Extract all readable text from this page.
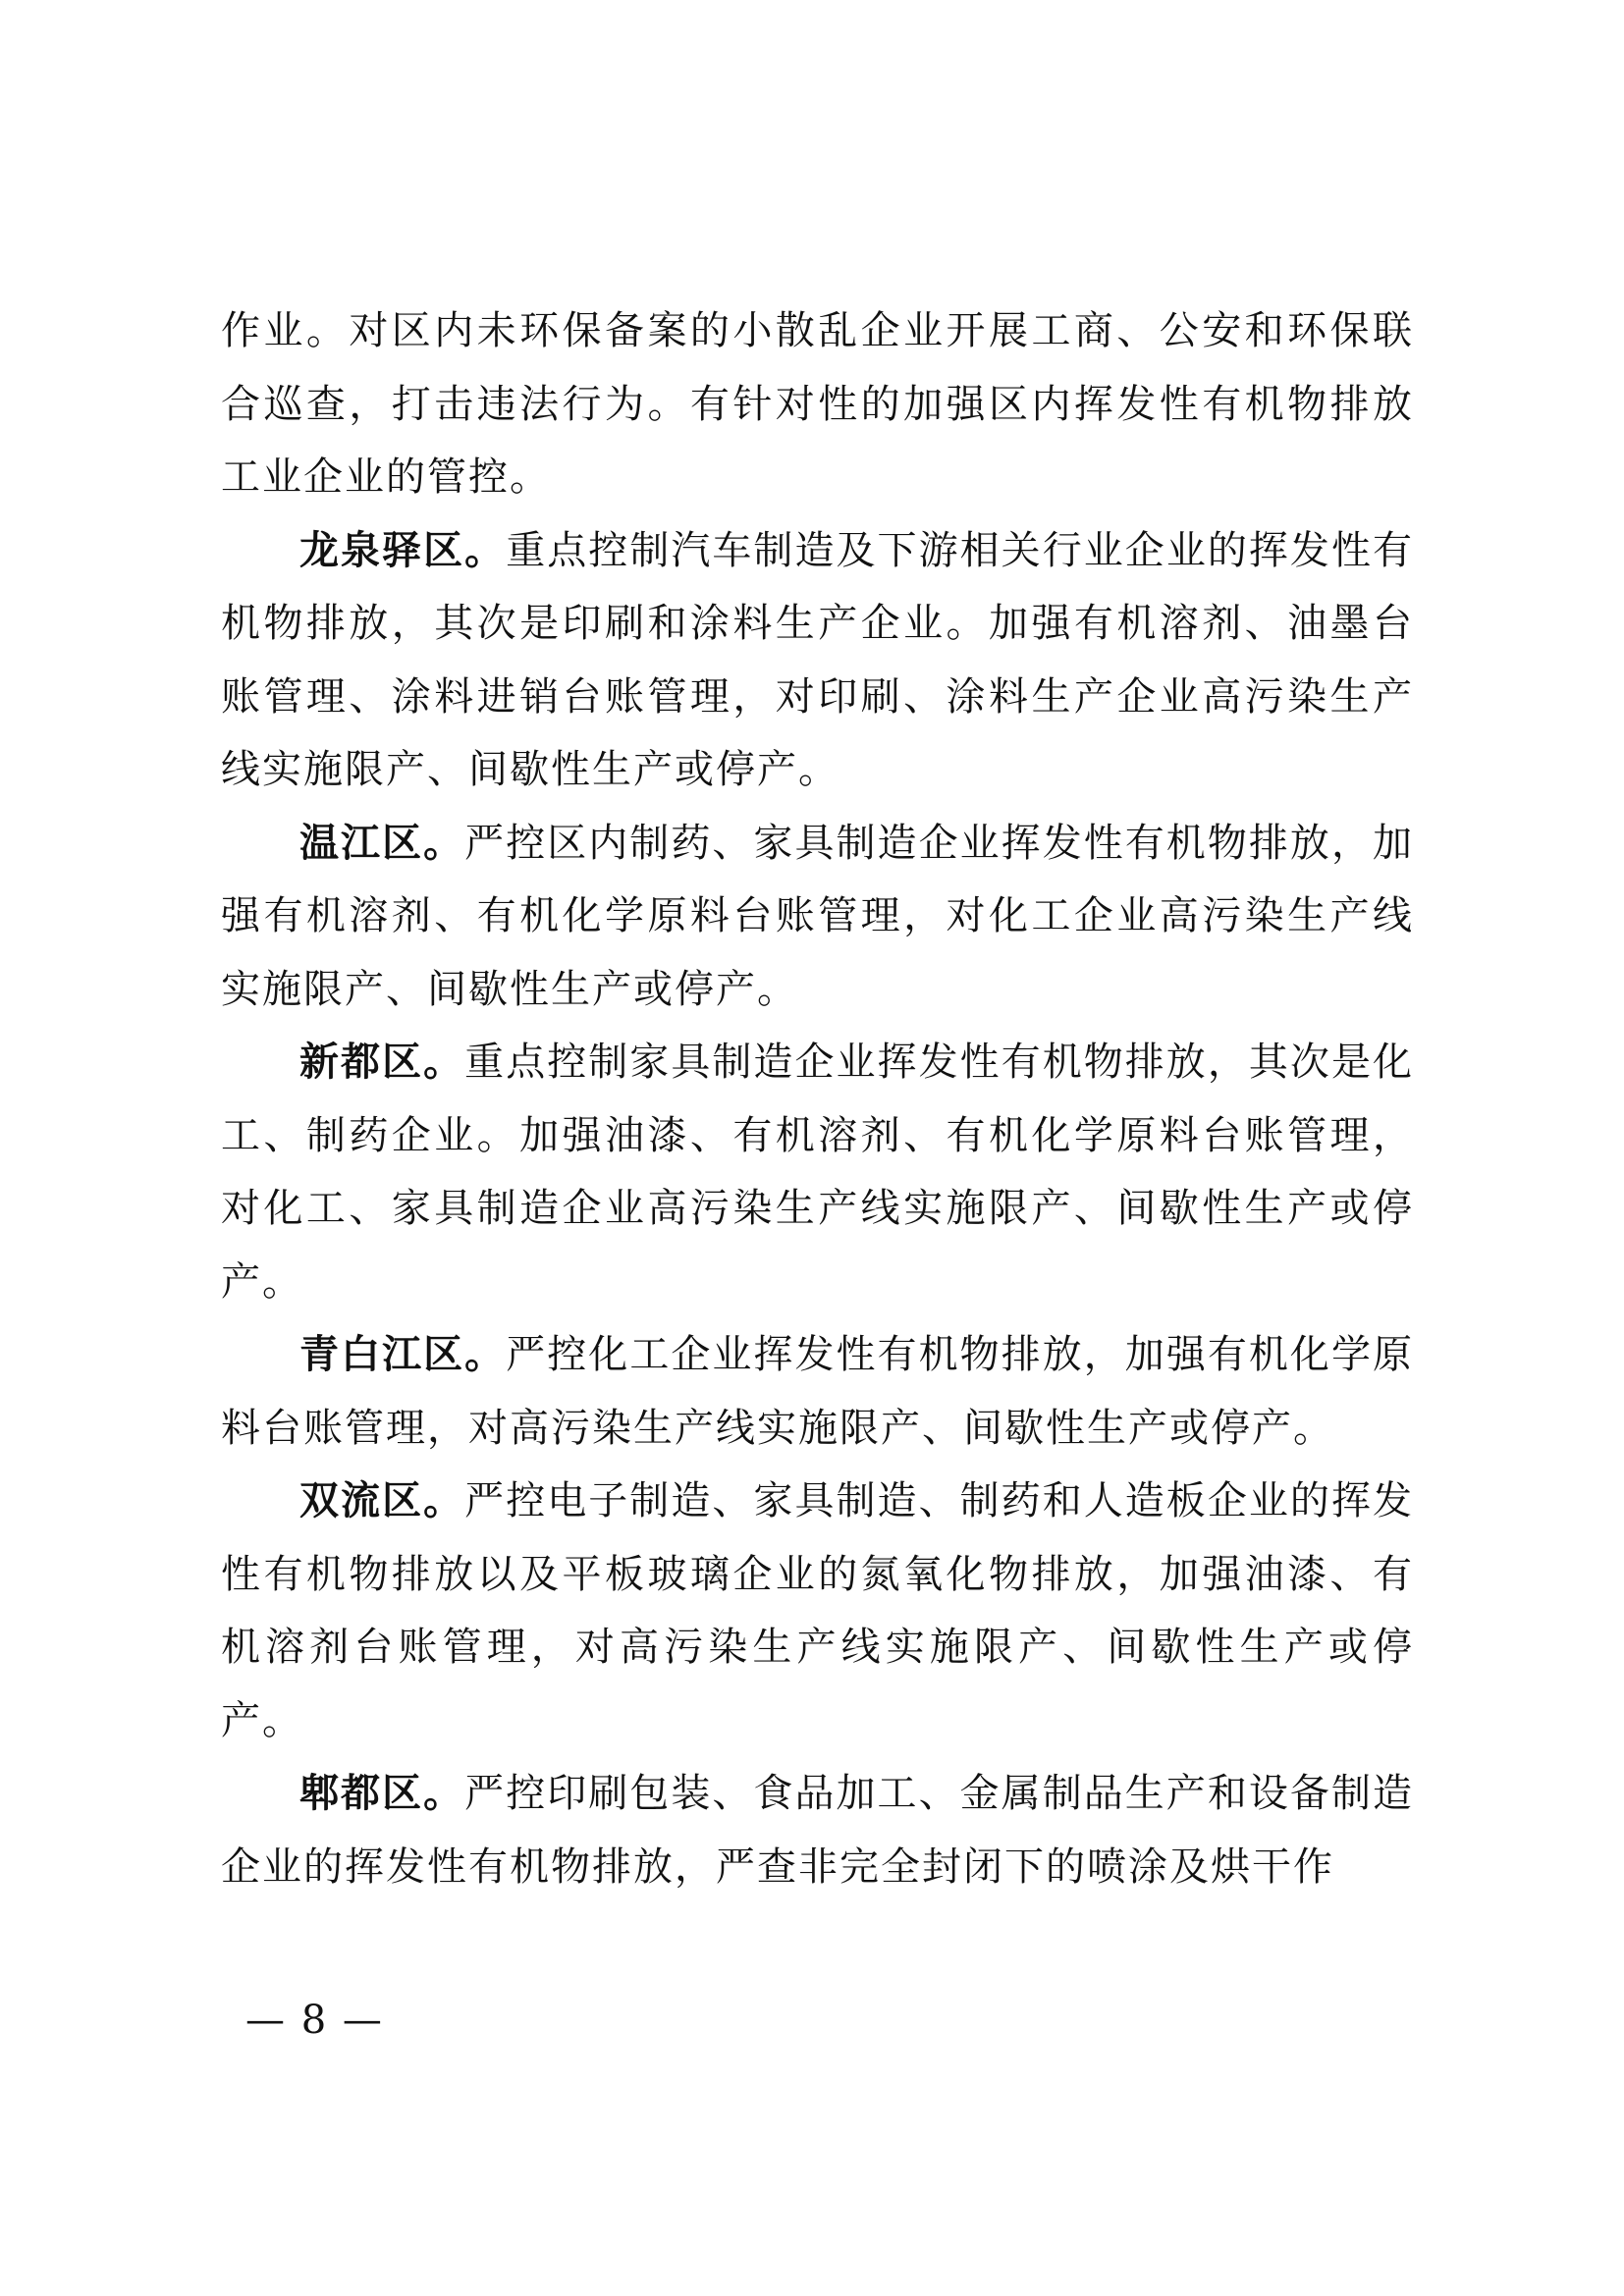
作业。对区内未环保备案的小散乱企业开展工商、公安和环保联合巡查，打击违法行为。有针对性的加强区内挥发性有机物排放工业企业的管控。

龙泉驿区。重点控制汽车制造及下游相关行业企业的挥发性有机物排放，其次是印刷和涂料生产企业。加强有机溶剂、油墨台账管理、涂料进销台账管理，对印刷、涂料生产企业高污染生产线实施限产、间歇性生产或停产。

温江区。严控区内制药、家具制造企业挥发性有机物排放，加强有机溶剂、有机化学原料台账管理，对化工企业高污染生产线实施限产、间歇性生产或停产。

新都区。重点控制家具制造企业挥发性有机物排放，其次是化工、制药企业。加强油漆、有机溶剂、有机化学原料台账管理，对化工、家具制造企业高污染生产线实施限产、间歇性生产或停产。

青白江区。严控化工企业挥发性有机物排放，加强有机化学原料台账管理，对高污染生产线实施限产、间歇性生产或停产。

双流区。严控电子制造、家具制造、制药和人造板企业的挥发性有机物排放以及平板玻璃企业的氮氧化物排放，加强油漆、有机溶剂台账管理，对高污染生产线实施限产、间歇性生产或停产。

郫都区。严控印刷包装、食品加工、金属制品生产和设备制造企业的挥发性有机物排放，严查非完全封闭下的喷涂及烘干作

— 8 —
